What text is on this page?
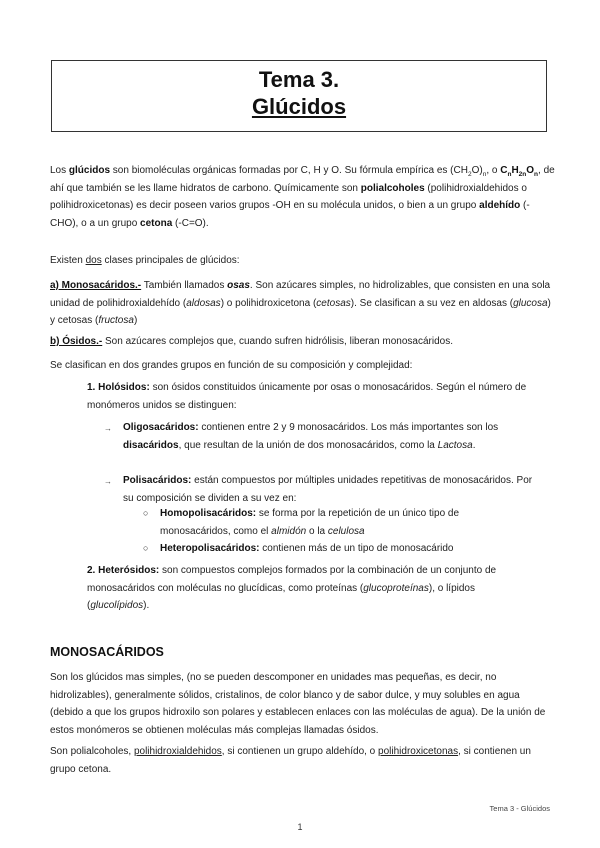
Tema 3.
Glúcidos

Los glúcidos son biomoléculas orgánicas formadas por C, H y O. Su fórmula empírica es $(CH_2O)_n$, o $C_nH_{2n}O_n$, de ahí que también se les llame hidratos de carbono. Químicamente son polialcoholes (polihidroxialdehidos o polihidroxicetonas) es decir poseen varios grupos -OH en su molécula unidos, o bien a un grupo aldehído (-CHO), o a un grupo cetona (-C=O).

Existen dos clases principales de glúcidos:

a) Monosacáridos.- También llamados osas. Son azúcares simples, no hidrolizables, que consisten en una sola unidad de polihidroxialdehído (aldosas) o polihidroxicetona (cetosas). Se clasifican a su vez en aldosas (glucosa) y cetosas (fructosa)

b) Ósidos.- Son azúcares complejos que, cuando sufren hidrólisis, liberan monosacáridos.

Se clasifican en dos grandes grupos en función de su composición y complejidad:

1. Holósidos: son ósidos constituidos únicamente por osas o monosacáridos. Según el número de monómeros unidos se distinguen:

→ Oligosacáridos: contienen entre 2 y 9 monosacáridos. Los más importantes son los disacáridos, que resultan de la unión de dos monosacáridos, como la Lactosa.

→ Polisacáridos: están compuestos por múltiples unidades repetitivas de monosacáridos. Por su composición se dividen a su vez en:

○ Homopolisacáridos: se forma por la repetición de un único tipo de monosacáridos, como el almidón o la celulosa

○ Heteropolisacáridos: contienen más de un tipo de monosacárido

2. Heterósidos: son compuestos complejos formados por la combinación de un conjunto de monosacáridos con moléculas no glucídicas, como proteínas (glucoproteínas), o lípidos (glucolípidos).

MONOSACÁRIDOS

Son los glúcidos mas simples, (no se pueden descomponer en unidades mas pequeñas, es decir, no hidrolizables), generalmente sólidos, cristalinos, de color blanco y de sabor dulce, y muy solubles en agua (debido a que los grupos hidroxilo son polares y establecen enlaces con las moléculas de agua). De la unión de estos monómeros se obtienen moléculas más complejas llamadas ósidos.

Son polialcoholes, polihidroxialdehidos, si contienen un grupo aldehído, o polihidroxicetonas, si contienen un grupo cetona.

Tema 3 - Glúcidos
1
